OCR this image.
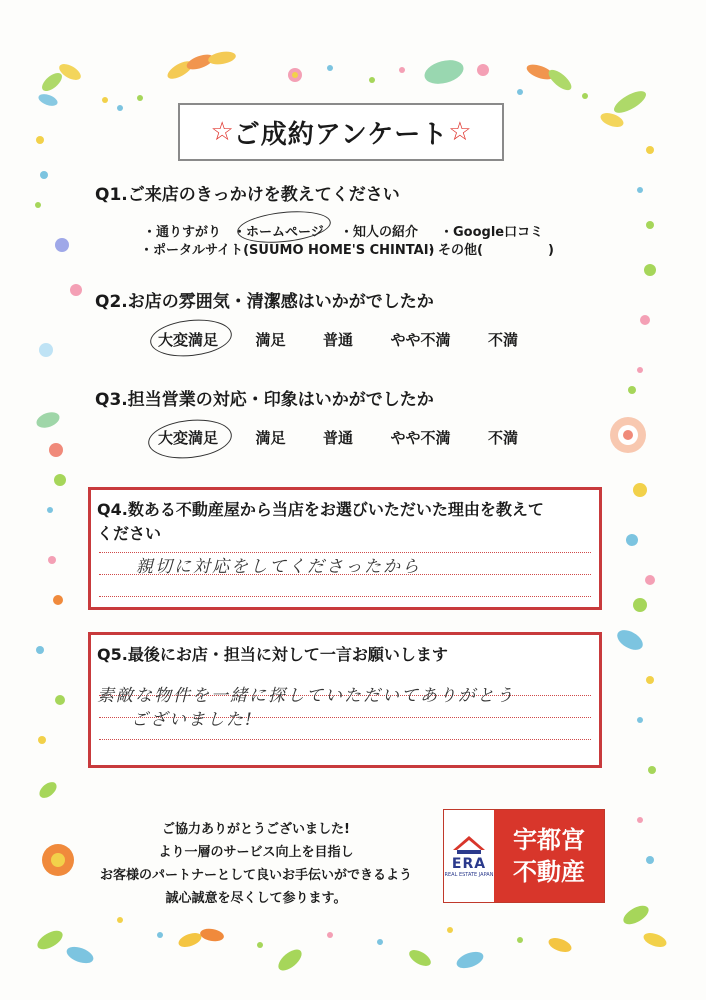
☆ ご成約アンケート ☆
Q1.ご来店のきっかけを教えてください
・通りすがり ・ホームページ ・知人の紹介 ・Google口コミ
・ポータルサイト(SUUMO HOME'S CHINTAI)
・その他(　　　　　)
Q2.お店の雰囲気・清潔感はいかがでしたか
大変満足 満足 普通 やや不満 不満
Q3.担当営業の対応・印象はいかがでしたか
大変満足 満足 普通 やや不満 不満
Q4.数ある不動産屋から当店をお選びいただいた理由を教えて
ください
親切に対応をしてくださったから
Q5.最後にお店・担当に対して一言お願いします
素敵な物件を一緒に探していただいてありがとう
ございました!
ご協力ありがとうございました!
より一層のサービス向上を目指し
お客様のパートナーとして良いお手伝いができるよう
誠心誠意を尽くして参ります。
ERA
REAL ESTATE JAPAN
宇都宮
不動産
